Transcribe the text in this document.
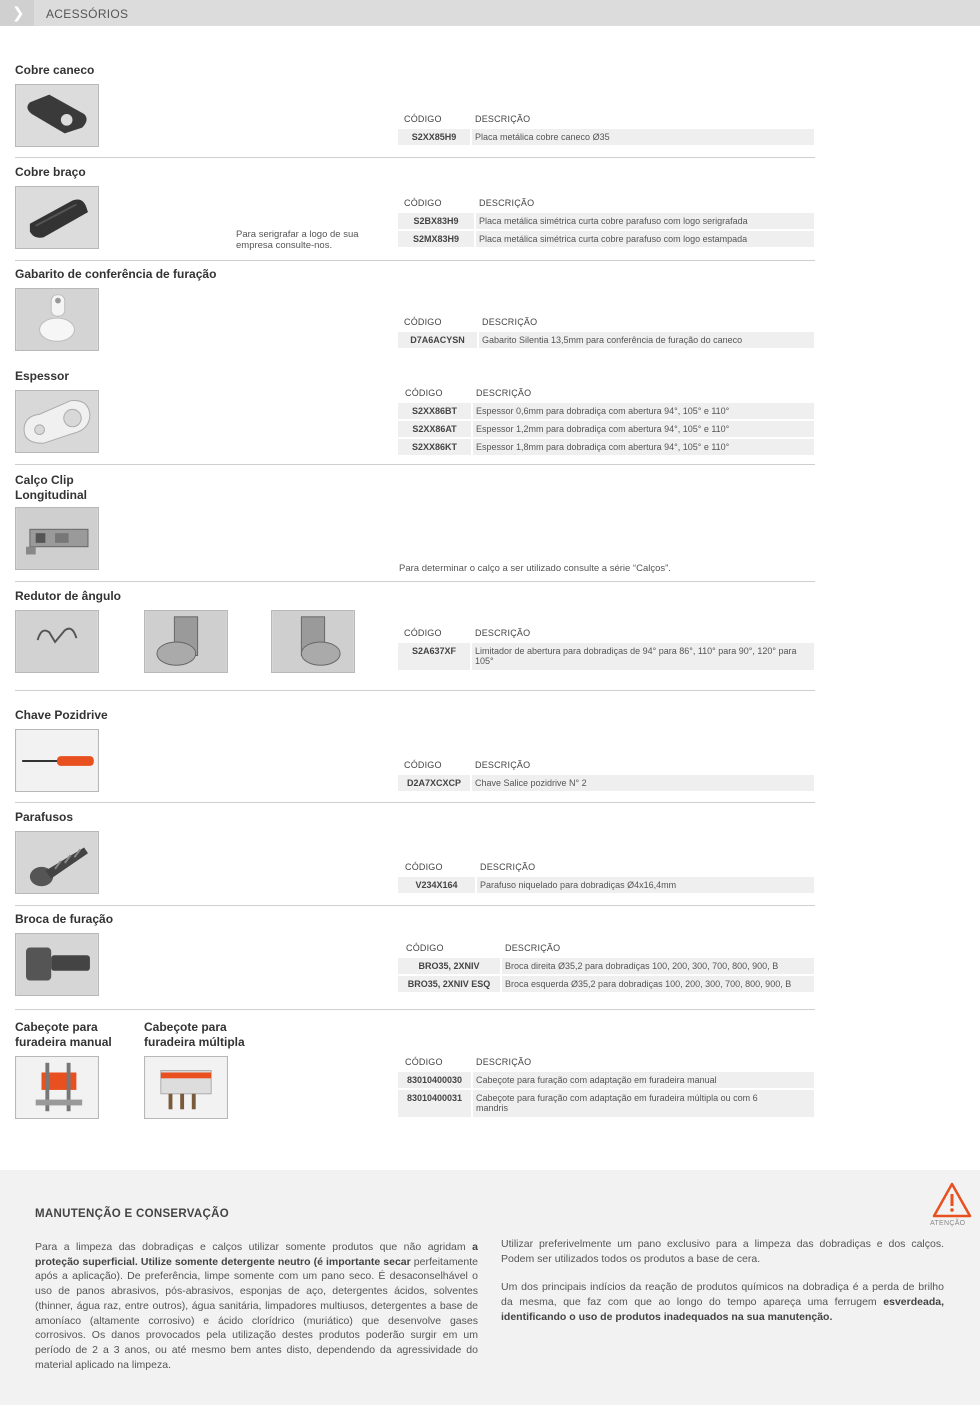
❯ ACESSÓRIOS
Cobre caneco
CÓDIGO	DESCRIÇÃO
S2XX85H9	Placa metálica cobre caneco Ø35
Cobre braço
Para serigrafar a logo de sua empresa consulte-nos.
CÓDIGO	DESCRIÇÃO
S2BX83H9	Placa metálica simétrica curta cobre parafuso com logo serigrafada
S2MX83H9	Placa metálica simétrica curta cobre parafuso com logo estampada
Gabarito de conferência de furação
CÓDIGO	DESCRIÇÃO
D7A6ACYSN	Gabarito Silentia 13,5mm para conferência de furação do caneco
Espessor
CÓDIGO	DESCRIÇÃO
S2XX86BT	Espessor 0,6mm para dobradiça com abertura 94°, 105° e 110°
S2XX86AT	Espessor 1,2mm para dobradiça com abertura 94°, 105° e 110°
S2XX86KT	Espessor 1,8mm para dobradiça com abertura 94°, 105° e 110°
Calço Clip Longitudinal
Para determinar o calço a ser utilizado consulte a série “Calços”.
Redutor de ângulo
CÓDIGO	DESCRIÇÃO
S2A637XF	Limitador de abertura para dobradiças de 94° para 86°, 110° para 90°, 120° para 105°
Chave Pozidrive
CÓDIGO	DESCRIÇÃO
D2A7XCXCP	Chave Salice pozidrive N° 2
Parafusos
CÓDIGO	DESCRIÇÃO
V234X164	Parafuso niquelado para dobradiças Ø4x16,4mm
Broca de furação
CÓDIGO	DESCRIÇÃO
BRO35, 2XNIV	Broca direita Ø35,2 para dobradiças 100, 200, 300, 700, 800, 900, B
BRO35, 2XNIV ESQ	Broca esquerda Ø35,2 para dobradiças 100, 200, 300, 700, 800, 900, B
Cabeçote para furadeira manual
Cabeçote para furadeira múltipla
CÓDIGO	DESCRIÇÃO
83010400030	Cabeçote para furação com adaptação em furadeira manual
83010400031	Cabeçote para furação com adaptação em furadeira múltipla ou com 6 mandris
ATENÇÃO
MANUTENÇÃO E CONSERVAÇÃO
Para a limpeza das dobradiças e calços utilizar somente produtos que não agridam a proteção superficial. Utilize somente detergente neutro (é importante secar perfeitamente após a aplicação). De preferência, limpe somente com um pano seco. É desaconselhável o uso de panos abrasivos, pós-abrasivos, esponjas de aço, detergentes ácidos, solventes (thinner, água raz, entre outros), água sanitária, limpadores multiusos, detergentes a base de amoníaco (altamente corrosivo) e ácido clorídrico (muriático) que desenvolve gases corrosivos. Os danos provocados pela utilização destes produtos poderão surgir em um período de 2 a 3 anos, ou até mesmo bem antes disto, dependendo da agressividade do material aplicado na limpeza.

Utilizar preferivelmente um pano exclusivo para a limpeza das dobradiças e dos calços. Podem ser utilizados todos os produtos a base de cera.

Um dos principais indícios da reação de produtos químicos na dobradiça é a perda de brilho da mesma, que faz com que ao longo do tempo apareça uma ferrugem esverdeada, identificando o uso de produtos inadequados na sua manutenção.
